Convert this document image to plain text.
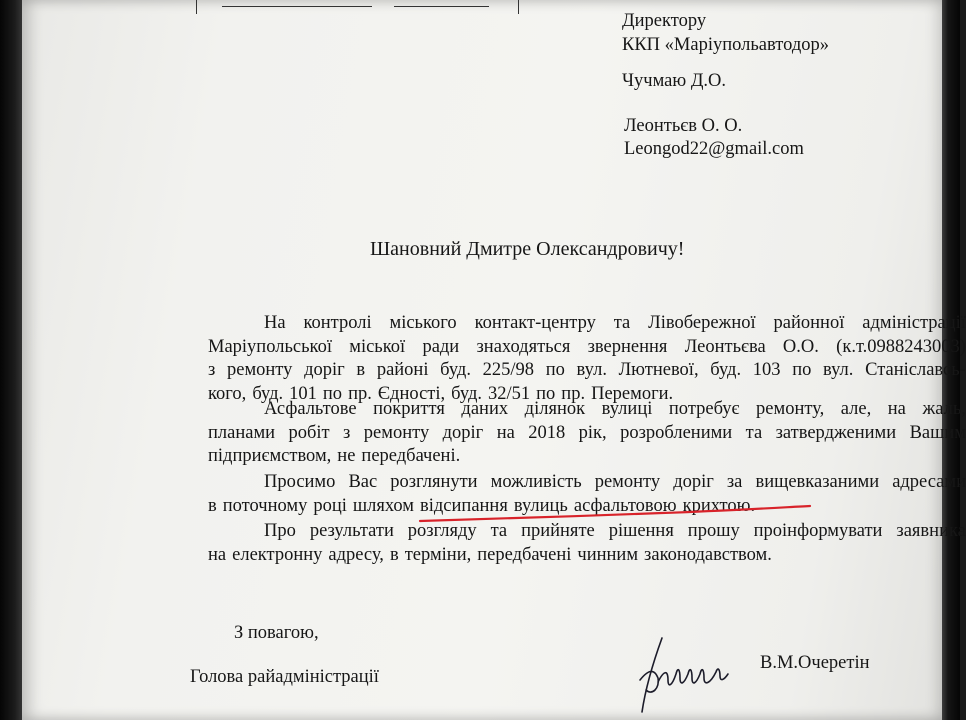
Директору
ККП «Маріупольавтодор»
Чучмаю Д.О.
Леонтьєв О. О.
Leongod22@gmail.com
Шановний Дмитре Олександровичу!
На контролі міського контакт-центру та Лівобережної районної адміністрації
Маріупольської міської ради знаходяться звернення Леонтьєва О.О. (к.т.0988243003)
з ремонту доріг в районі буд. 225/98 по вул. Лютневої, буд. 103 по вул. Станіславсь-
кого, буд. 101 по пр. Єдності, буд. 32/51 по пр. Перемоги.
Асфальтове покриття даних ділянок вулиці потребує ремонту, але, на жаль,
планами робіт з ремонту доріг на 2018 рік, розробленими та затвердженими Вашим
підприємством, не передбачені.
Просимо Вас розглянути можливість ремонту доріг за вищевказаними адресами
в поточному році шляхом відсипання вулиць асфальтовою крихтою.
Про результати розгляду та прийняте рішення прошу проінформувати заявника
на електронну адресу, в терміни, передбачені чинним законодавством.
З повагою,
Голова райадміністрації
В.М.Очеретін
